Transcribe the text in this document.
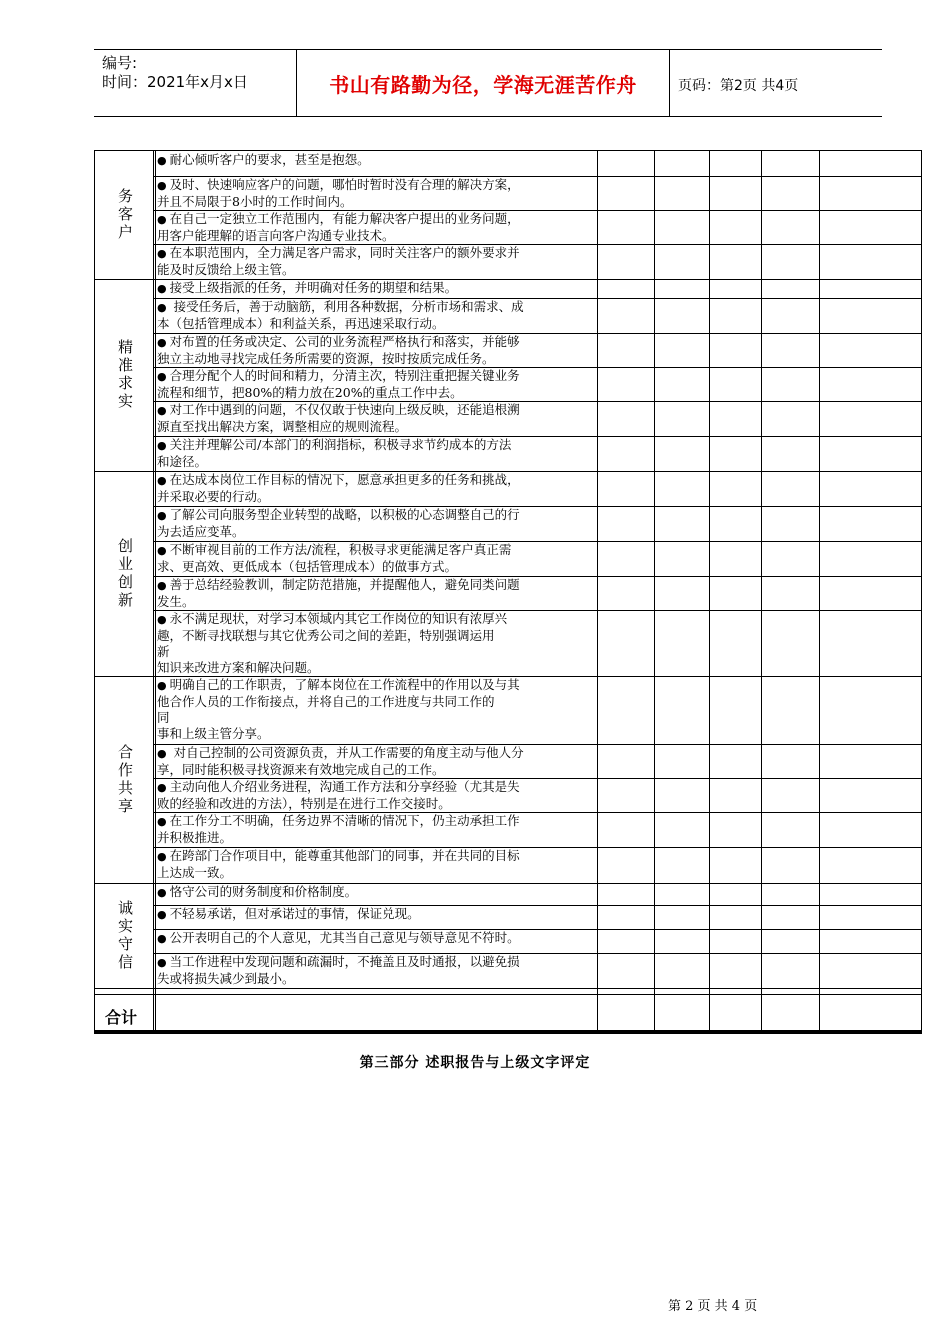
编号:
时间：2021年x月x日	书山有路勤为径，学海无涯苦作舟	页码：第2页 共4页
合计
● 耐心倾听客户的要求，甚至是抱怨。
● 及时、快速响应客户的问题，哪怕时暂时没有合理的解决方案，
并且不局限于8小时的工作时间内。
● 在自己一定独立工作范围内，有能力解决客户提出的业务问题，
用客户能理解的语言向客户沟通专业技术。
● 在本职范围内，全力满足客户需求，同时关注客户的额外要求并
能及时反馈给上级主管。
务客户
● 接受上级指派的任务，并明确对任务的期望和结果。
● 接受任务后，善于动脑筋，利用各种数据，分析市场和需求、成
本（包括管理成本）和利益关系，再迅速采取行动。
● 对布置的任务或决定、公司的业务流程严格执行和落实，并能够
独立主动地寻找完成任务所需要的资源，按时按质完成任务。
● 合理分配个人的时间和精力，分清主次，特别注重把握关键业务
流程和细节，把80%的精力放在20%的重点工作中去。
● 对工作中遇到的问题，不仅仅敢于快速向上级反映，还能追根溯
源直至找出解决方案，调整相应的规则流程。
● 关注并理解公司/本部门的利润指标，积极寻求节约成本的方法
和途径。
精准求实
● 在达成本岗位工作目标的情况下，愿意承担更多的任务和挑战，
并采取必要的行动。
● 了解公司向服务型企业转型的战略，以积极的心态调整自己的行
为去适应变革。
● 不断审视目前的工作方法/流程，积极寻求更能满足客户真正需
求、更高效、更低成本（包括管理成本）的做事方式。
● 善于总结经验教训，制定防范措施，并提醒他人，避免同类问题
发生。
● 永不满足现状，对学习本领域内其它工作岗位的知识有浓厚兴
趣，不断寻找联想与其它优秀公司之间的差距，特别强调运用
新
知识来改进方案和解决问题。
创业创新
● 明确自己的工作职责，了解本岗位在工作流程中的作用以及与其
他合作人员的工作衔接点，并将自己的工作进度与共同工作的
同
事和上级主管分享。
● 对自己控制的公司资源负责，并从工作需要的角度主动与他人分
享，同时能积极寻找资源来有效地完成自己的工作。
● 主动向他人介绍业务进程，沟通工作方法和分享经验（尤其是失
败的经验和改进的方法），特别是在进行工作交接时。
● 在工作分工不明确，任务边界不清晰的情况下，仍主动承担工作
并积极推进。
● 在跨部门合作项目中，能尊重其他部门的同事，并在共同的目标
上达成一致。
合作共享
● 恪守公司的财务制度和价格制度。
● 不轻易承诺，但对承诺过的事情，保证兑现。
● 公开表明自己的个人意见，尤其当自己意见与领导意见不符时。
● 当工作进程中发现问题和疏漏时，不掩盖且及时通报，以避免损
失或将损失减少到最小。
诚实守信
第三部分 述职报告与上级文字评定
第 2 页 共 4 页
